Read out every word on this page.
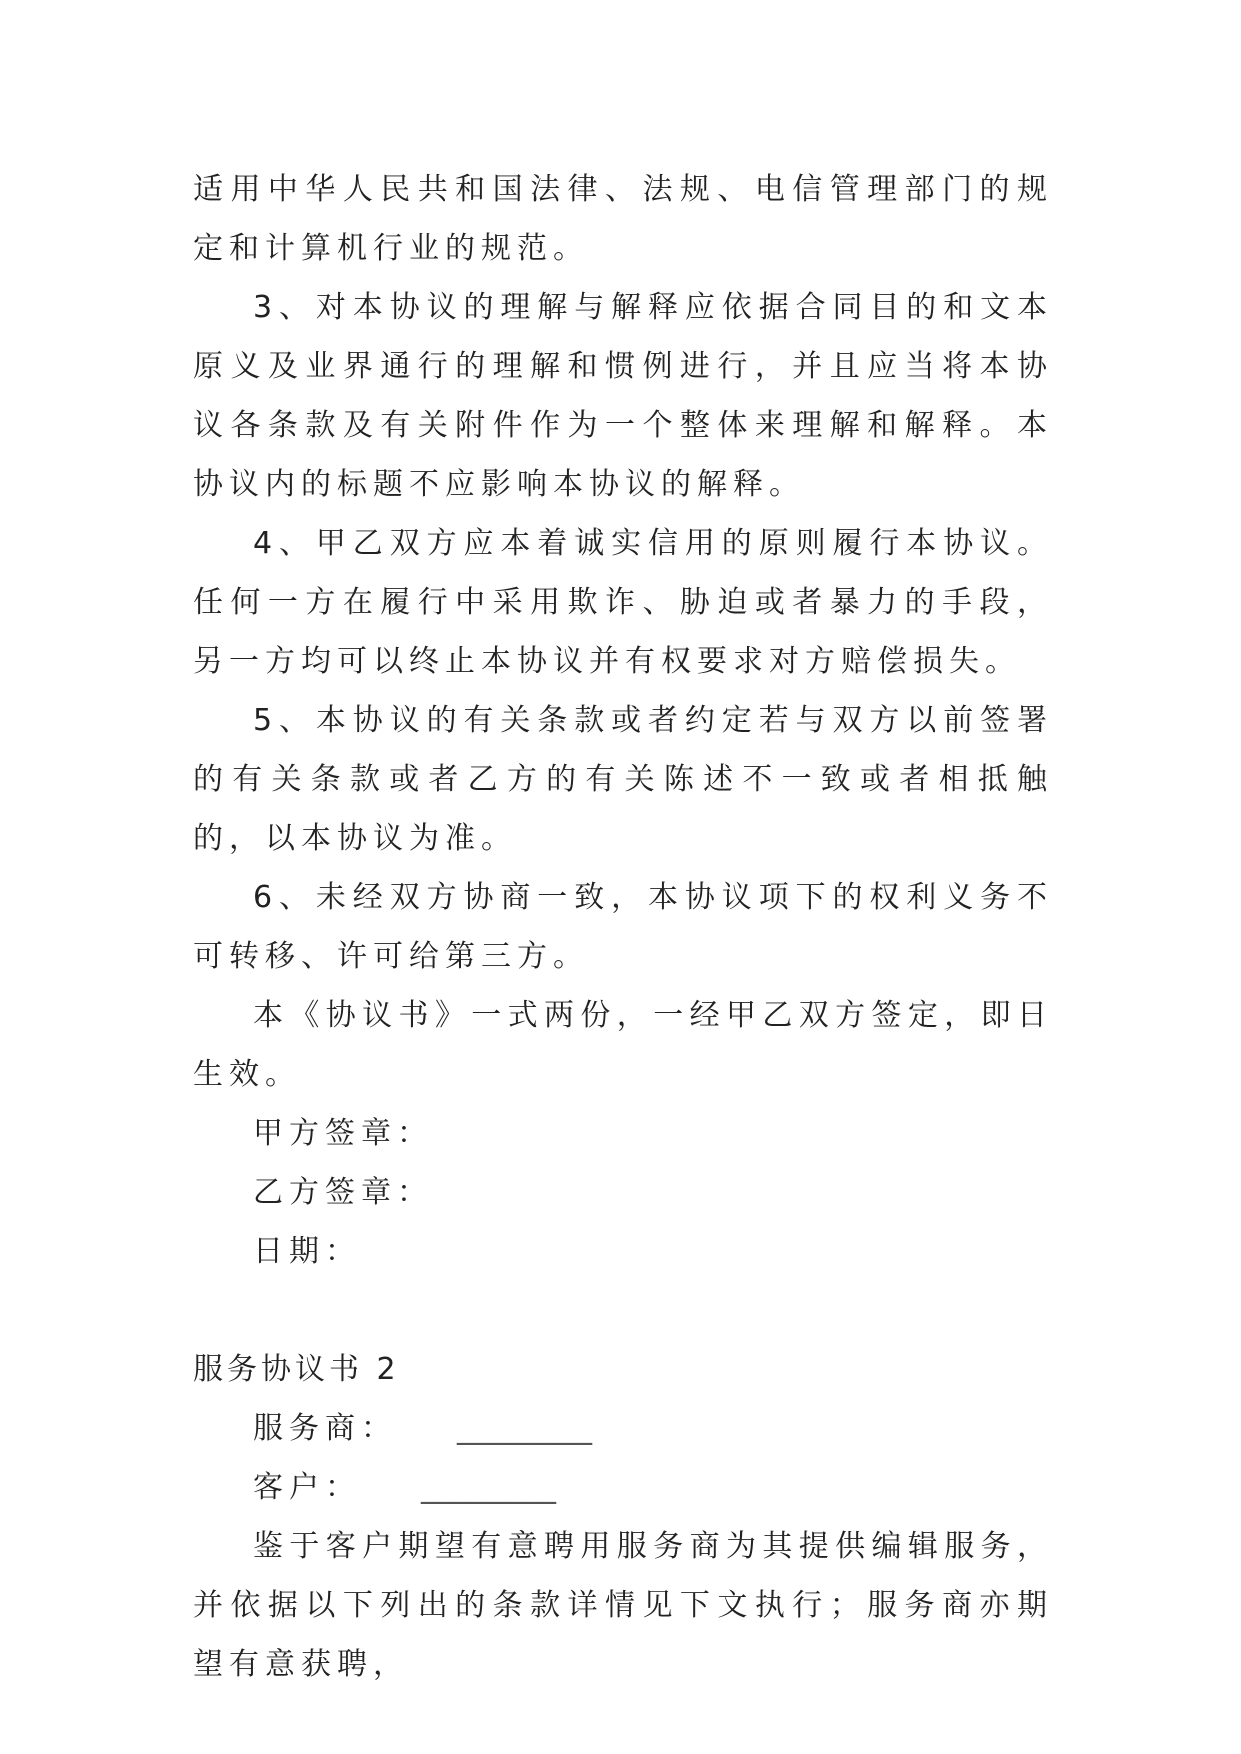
适用中华人民共和国法律、法规、电信管理部门的规定和计算机行业的规范。

3、对本协议的理解与解释应依据合同目的和文本原义及业界通行的理解和惯例进行，并且应当将本协议各条款及有关附件作为一个整体来理解和解释。本协议内的标题不应影响本协议的解释。

4、甲乙双方应本着诚实信用的原则履行本协议。任何一方在履行中采用欺诈、胁迫或者暴力的手段，另一方均可以终止本协议并有权要求对方赔偿损失。

5、本协议的有关条款或者约定若与双方以前签署的有关条款或者乙方的有关陈述不一致或者相抵触的，以本协议为准。

6、未经双方协商一致，本协议项下的权利义务不可转移、许可给第三方。

本《协议书》一式两份，一经甲乙双方签定，即日生效。

甲方签章：

乙方签章：

日期：

服务协议书 2

服务商： _________

客户： _________

鉴于客户期望有意聘用服务商为其提供编辑服务，并依据以下列出的条款详情见下文执行；服务商亦期望有意获聘，
